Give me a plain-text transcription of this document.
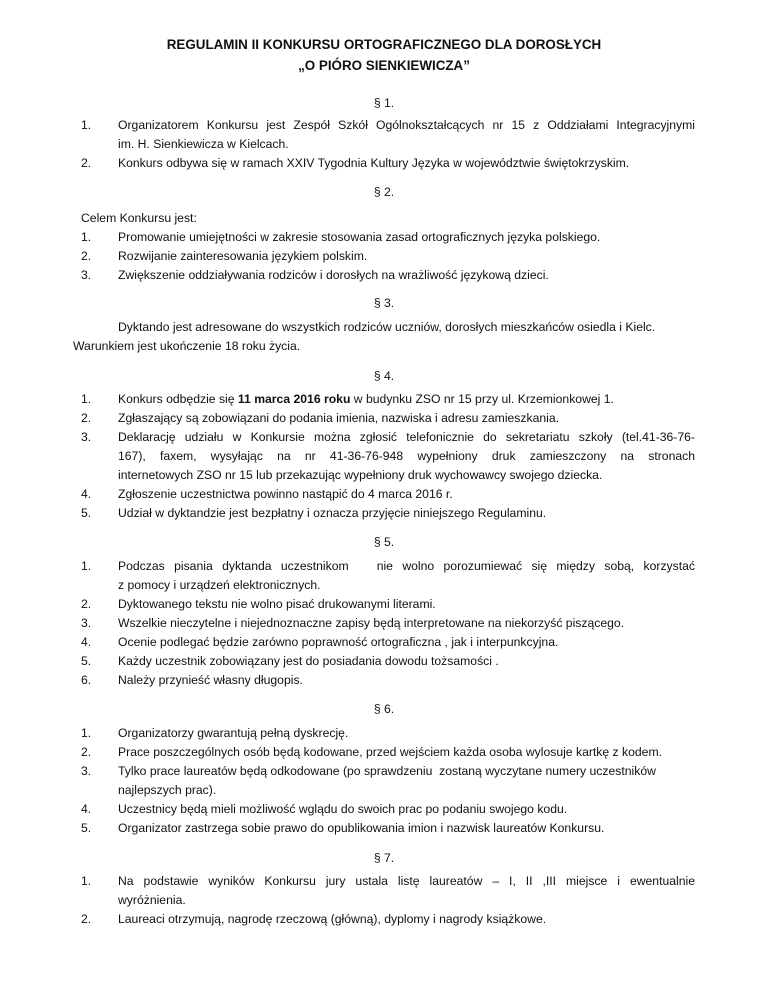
REGULAMIN II KONKURSU ORTOGRAFICZNEGO DLA DOROSŁYCH
„O PIÓRO SIENKIEWICZA”
§ 1.
1.	Organizatorem Konkursu jest Zespół Szkół Ogólnokształcących nr 15 z Oddziałami Integracyjnymi
im. H. Sienkiewicza w Kielcach.
2.	Konkurs odbywa się w ramach XXIV Tygodnia Kultury Języka w województwie świętokrzyskim.
§ 2.
Celem Konkursu jest:
1.	Promowanie umiejętności w zakresie stosowania zasad ortograficznych języka polskiego.
2.	Rozwijanie zainteresowania językiem polskim.
3.	Zwiększenie oddziaływania rodziców i dorosłych na wrażliwość językową dzieci.
§ 3.
Dyktando jest adresowane do wszystkich rodziców uczniów, dorosłych mieszkańców osiedla i Kielc.
Warunkiem jest ukończenie 18 roku życia.
§ 4.
1.	Konkurs odbędzie się 11 marca 2016 roku w budynku ZSO nr 15 przy ul. Krzemionkowej 1.
2.	Zgłaszający są zobowiązani do podania imienia, nazwiska i adresu zamieszkania.
3.	Deklarację udziału w Konkursie można zgłosić telefonicznie do sekretariatu szkoły (tel.41-36-76-
167), faxem, wysyłając na nr 41-36-76-948 wypełniony druk zamieszczony na stronach
internetowych ZSO nr 15 lub przekazując wypełniony druk wychowawcy swojego dziecka.
4.	Zgłoszenie uczestnictwa powinno nastąpić do 4 marca 2016 r.
5.	Udział w dyktandzie jest bezpłatny i oznacza przyjęcie niniejszego Regulaminu.
§ 5.
1.	Podczas pisania dyktanda uczestnikom   nie wolno porozumiewać się między sobą, korzystać
z pomocy i urządzeń elektronicznych.
2.	Dyktowanego tekstu nie wolno pisać drukowanymi literami.
3.	Wszelkie nieczytelne i niejednoznaczne zapisy będą interpretowane na niekorzyść piszącego.
4.	Ocenie podlegać będzie zarówno poprawność ortograficzna , jak i interpunkcyjna.
5.	Każdy uczestnik zobowiązany jest do posiadania dowodu tożsamości .
6.	Należy przynieść własny długopis.
§ 6.
1.	Organizatorzy gwarantują pełną dyskrecję.
2.	Prace poszczególnych osób będą kodowane, przed wejściem każda osoba wylosuje kartkę z kodem.
3.	Tylko prace laureatów będą odkodowane (po sprawdzeniu  zostaną wyczytane numery uczestników
najlepszych prac).
4.	Uczestnicy będą mieli możliwość wglądu do swoich prac po podaniu swojego kodu.
5.	Organizator zastrzega sobie prawo do opublikowania imion i nazwisk laureatów Konkursu.
§ 7.
1.	Na podstawie wyników Konkursu jury ustala listę laureatów – I, II ,III miejsce i ewentualnie
wyróżnienia.
2.	Laureaci otrzymują, nagrodę rzeczową (główną), dyplomy i nagrody książkowe.
